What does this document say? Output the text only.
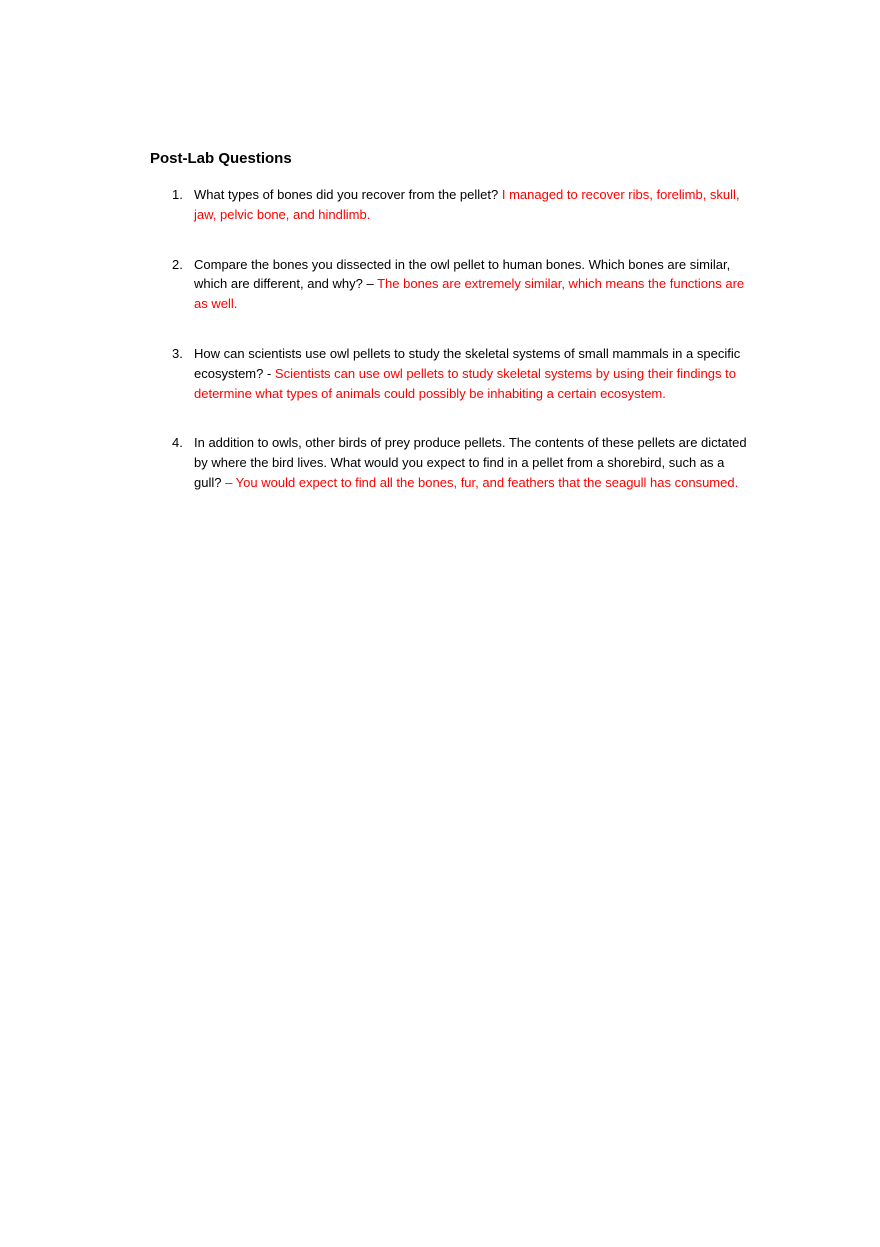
Post-Lab Questions
1. What types of bones did you recover from the pellet? I managed to recover ribs, forelimb, skull, jaw, pelvic bone, and hindlimb.
2. Compare the bones you dissected in the owl pellet to human bones. Which bones are similar, which are different, and why? – The bones are extremely similar, which means the functions are as well.
3. How can scientists use owl pellets to study the skeletal systems of small mammals in a specific ecosystem? - Scientists can use owl pellets to study skeletal systems by using their findings to determine what types of animals could possibly be inhabiting a certain ecosystem.
4. In addition to owls, other birds of prey produce pellets. The contents of these pellets are dictated by where the bird lives. What would you expect to find in a pellet from a shorebird, such as a gull? – You would expect to find all the bones, fur, and feathers that the seagull has consumed.
